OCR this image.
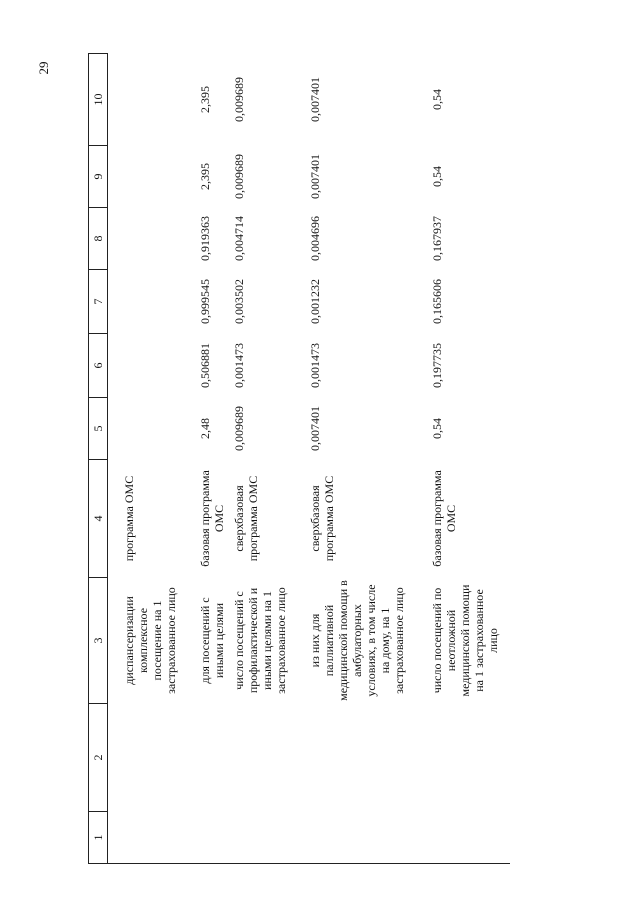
29
1	2	3	4	5	6	7	8	9	10

		диспансеризации комплексное посещение на 1 застрахованное лицо	программа ОМС						
		для посещений с иными целями	базовая программа ОМС	2,48	0,506881	0,999545	0,919363	2,395	2,395
		число посещений с профилактической и иными целями на 1 застрахованное лицо	сверхбазовая программа ОМС	0,009689	0,001473	0,003502	0,004714	0,009689	0,009689
		из них для паллиативной медицинской помощи в амбулаторных условиях, в том числе на дому, на 1 застрахованное лицо	сверхбазовая программа ОМС	0,007401	0,001473	0,001232	0,004696	0,007401	0,007401
		число посещений по неотложной медицинской помощи на 1 застрахованное лицо	базовая программа ОМС	0,54	0,197735	0,165606	0,167937	0,54	0,54
